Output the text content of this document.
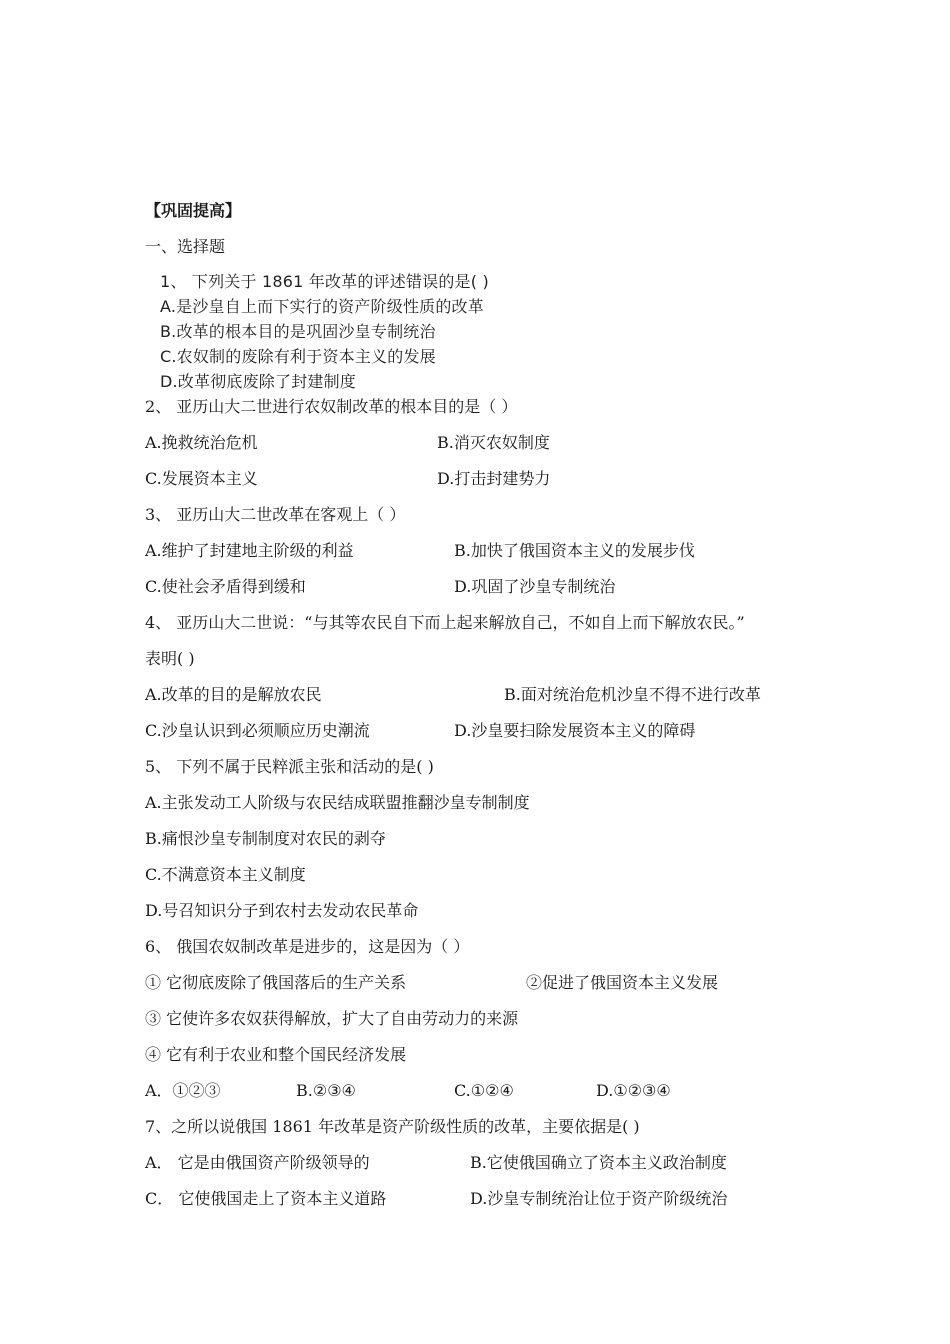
【巩固提高】
一、选择题
1、 下列关于 1861 年改革的评述错误的是( )
A.是沙皇自上而下实行的资产阶级性质的改革
B.改革的根本目的是巩固沙皇专制统治
C.农奴制的废除有利于资本主义的发展
D.改革彻底废除了封建制度
2、 亚历山大二世进行农奴制改革的根本目的是（ ）
A.挽救统治危机	B.消灭农奴制度
C.发展资本主义	D.打击封建势力
3、 亚历山大二世改革在客观上（ ）
A.维护了封建地主阶级的利益	B.加快了俄国资本主义的发展步伐
C.使社会矛盾得到缓和	D.巩固了沙皇专制统治
4、 亚历山大二世说：“与其等农民自下而上起来解放自己，不如自上而下解放农民。”
表明( )
A.改革的目的是解放农民	B.面对统治危机沙皇不得不进行改革
C.沙皇认识到必须顺应历史潮流	D.沙皇要扫除发展资本主义的障碍
5、 下列不属于民粹派主张和活动的是( )
A.主张发动工人阶级与农民结成联盟推翻沙皇专制制度
B.痛恨沙皇专制制度对农民的剥夺
C.不满意资本主义制度
D.号召知识分子到农村去发动农民革命
6、 俄国农奴制改革是进步的，这是因为（ ）
① 它彻底废除了俄国落后的生产关系	②促进了俄国资本主义发展
③ 它使许多农奴获得解放，扩大了自由劳动力的来源
④ 它有利于农业和整个国民经济发展
A．①②③	B.②③④	C.①②④	D.①②③④
7、之所以说俄国 1861 年改革是资产阶级性质的改革，主要依据是( )
A． 它是由俄国资产阶级领导的	B.它使俄国确立了资本主义政治制度
C． 它使俄国走上了资本主义道路	D.沙皇专制统治让位于资产阶级统治
